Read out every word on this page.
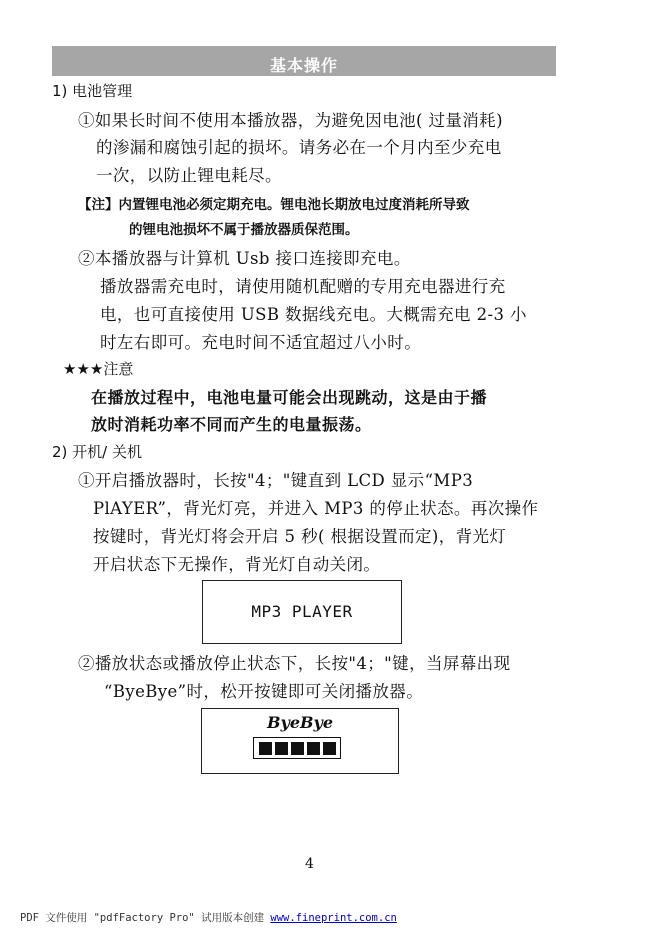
基本操作
1) 电池管理
①如果长时间不使用本播放器，为避免因电池( 过量消耗)
的渗漏和腐蚀引起的损坏。请务必在一个月内至少充电
一次，以防止锂电耗尽。
【注】内置锂电池必须定期充电。锂电池长期放电过度消耗所导致
的锂电池损坏不属于播放器质保范围。
②本播放器与计算机 Usb 接口连接即充电。
播放器需充电时，请使用随机配赠的专用充电器进行充
电，也可直接使用 USB 数据线充电。大概需充电 2-3 小
时左右即可。充电时间不适宜超过八小时。
★★★注意
在播放过程中，电池电量可能会出现跳动，这是由于播
放时消耗功率不同而产生的电量振荡。
2) 开机/ 关机
①开启播放器时，长按"4；"键直到 LCD 显示“MP3
PlAYER”，背光灯亮，并进入 MP3 的停止状态。再次操作
按键时，背光灯将会开启 5 秒( 根据设置而定)，背光灯
开启状态下无操作，背光灯自动关闭。
MP3 PLAYER
②播放状态或播放停止状态下，长按"4；"键，当屏幕出现
“ByeBye”时，松开按键即可关闭播放器。
ByeBye
4
PDF 文件使用 "pdfFactory Pro" 试用版本创建 www.fineprint.com.cn
